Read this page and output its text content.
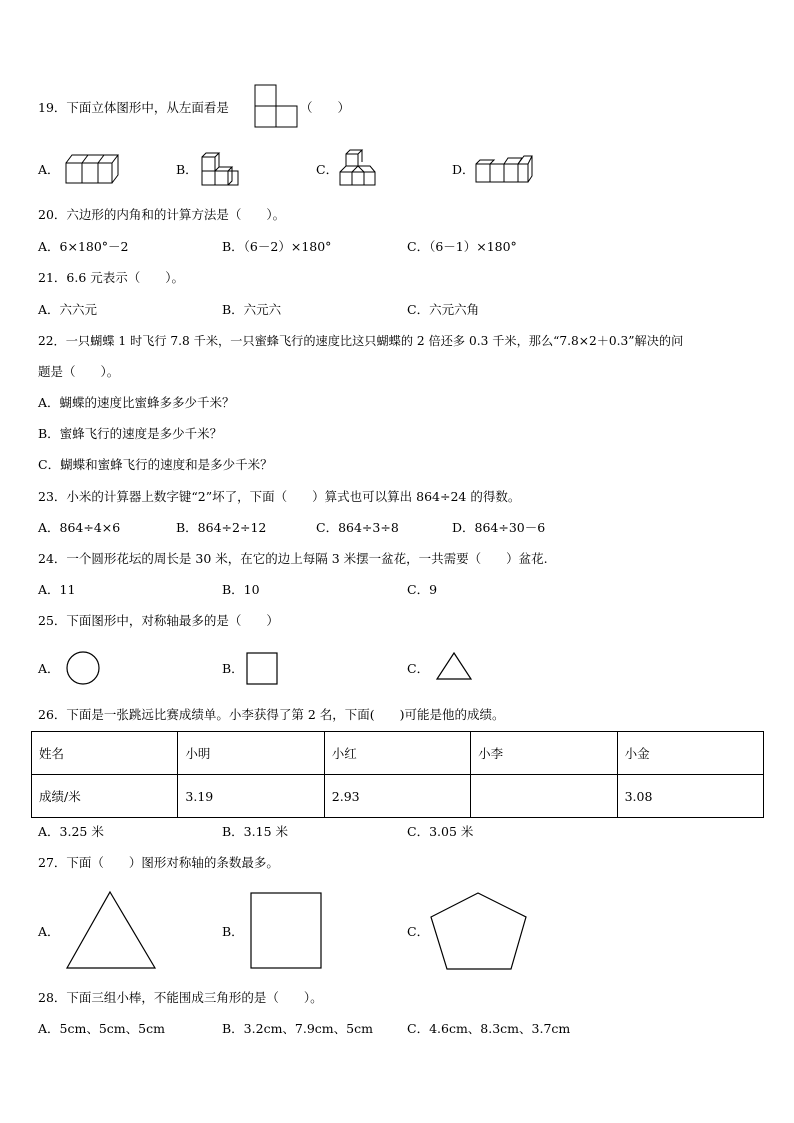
19．下面立体图形中，从左面看是	（　　）
A．	B．	C．	D．
20．六边形的内角和的计算方法是（　　）。
A．6×180°－2	B．（6－2）×180°	C．（6－1）×180°
21．6.6 元表示（　　）。
A．六六元	B．六元六	C．六元六角
22．一只蝴蝶 1 时飞行 7.8 千米，一只蜜蜂飞行的速度比这只蝴蝶的 2 倍还多 0.3 千米，那么“7.8×2＋0.3”解决的问
题是（　　）。
A．蝴蝶的速度比蜜蜂多多少千米？
B．蜜蜂飞行的速度是多少千米？
C．蝴蝶和蜜蜂飞行的速度和是多少千米？
23．小米的计算器上数字键“2”坏了，下面（　　）算式也可以算出 864÷24 的得数。
A．864÷4×6	B．864÷2÷12	C．864÷3÷8	D．864÷30－6
24．一个圆形花坛的周长是 30 米，在它的边上每隔 3 米摆一盆花，一共需要（　　）盆花.
A．11	B．10	C．9
25．下面图形中，对称轴最多的是（　　）
A．	B．	C．
26．下面是一张跳远比赛成绩单。小李获得了第 2 名，下面(　　)可能是他的成绩。
姓名	小明	小红	小李	小金
成绩/米	3.19	2.93		3.08
A．3.25 米	B．3.15 米	C．3.05 米
27．下面（　　）图形对称轴的条数最多。
A．	B．	C．
28．下面三组小棒，不能围成三角形的是（　　）。
A．5cm、5cm、5cm	B．3.2cm、7.9cm、5cm	C．4.6cm、8.3cm、3.7cm
